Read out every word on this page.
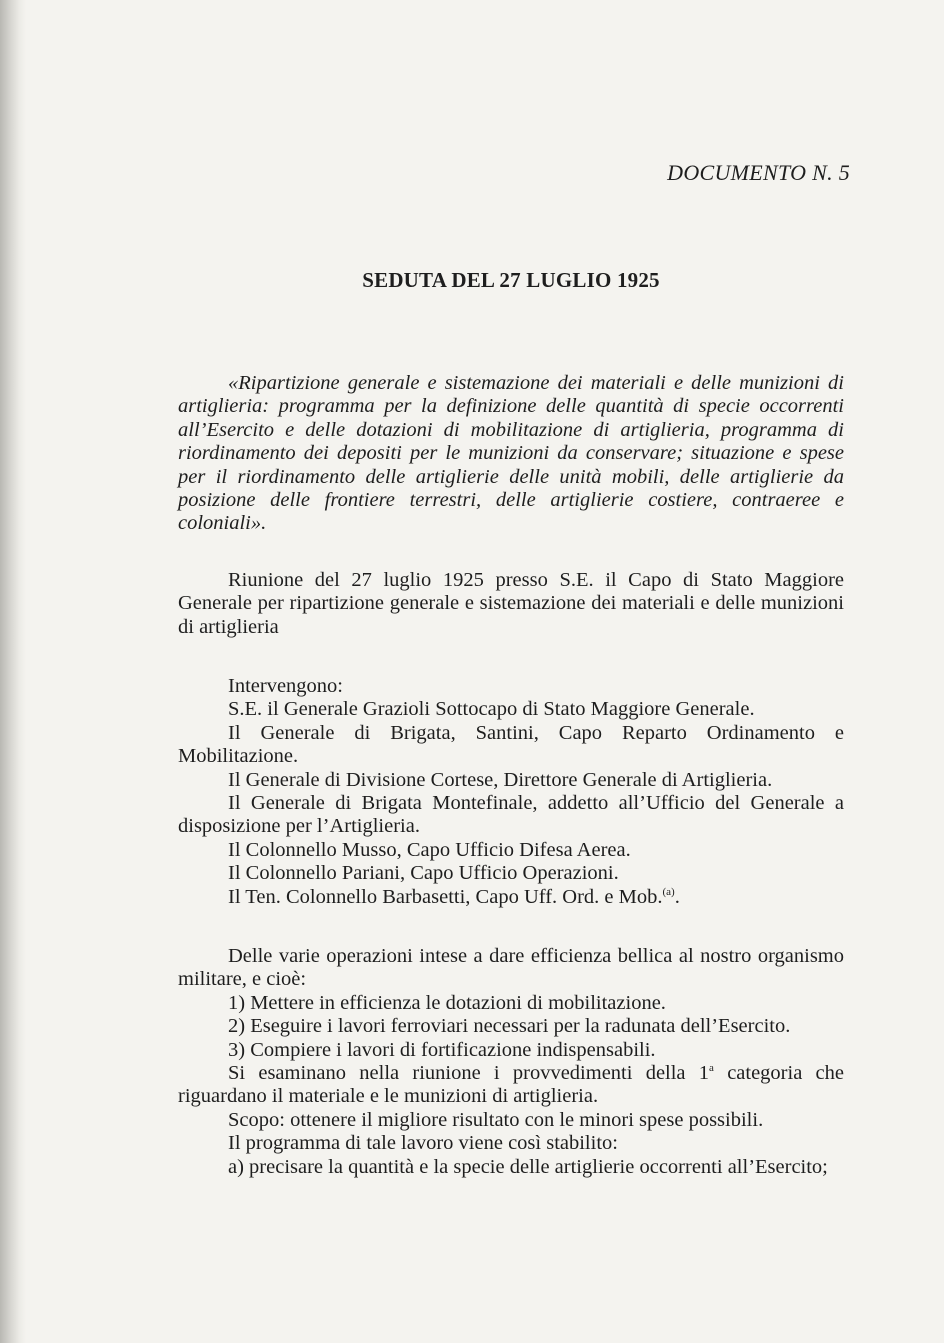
DOCUMENTO N. 5
SEDUTA DEL 27 LUGLIO 1925

«Ripartizione generale e sistemazione dei materiali e delle munizioni di artiglieria: programma per la definizione delle quantità di specie occorrenti all’Esercito e delle dotazioni di mobilitazione di artiglieria, programma di riordinamento dei depositi per le munizioni da conservare; situazione e spese per il riordinamento delle artiglierie delle unità mobili, delle artiglierie da posizione delle frontiere terrestri, delle artiglierie costiere, contraeree e coloniali».

Riunione del 27 luglio 1925 presso S.E. il Capo di Stato Maggiore Generale per ripartizione generale e sistemazione dei materiali e delle munizioni di artiglieria

Intervengono:

S.E. il Generale Grazioli Sottocapo di Stato Maggiore Generale.

Il Generale di Brigata, Santini, Capo Reparto Ordinamento e Mobilitazione.

Il Generale di Divisione Cortese, Direttore Generale di Artiglieria.

Il Generale di Brigata Montefinale, addetto all’Ufficio del Generale a disposizione per l’Artiglieria.

Il Colonnello Musso, Capo Ufficio Difesa Aerea.

Il Colonnello Pariani, Capo Ufficio Operazioni.

Il Ten. Colonnello Barbasetti, Capo Uff. Ord. e Mob.$^{(a)}$.

Delle varie operazioni intese a dare efficienza bellica al nostro organismo militare, e cioè:

1) Mettere in efficienza le dotazioni di mobilitazione.

2) Eseguire i lavori ferroviari necessari per la radunata dell’Esercito.

3) Compiere i lavori di fortificazione indispensabili.

Si esaminano nella riunione i provvedimenti della 1$^a$ categoria che riguardano il materiale e le munizioni di artiglieria.

Scopo: ottenere il migliore risultato con le minori spese possibili.

Il programma di tale lavoro viene così stabilito:

a) precisare la quantità e la specie delle artiglierie occorrenti all’Esercito;
